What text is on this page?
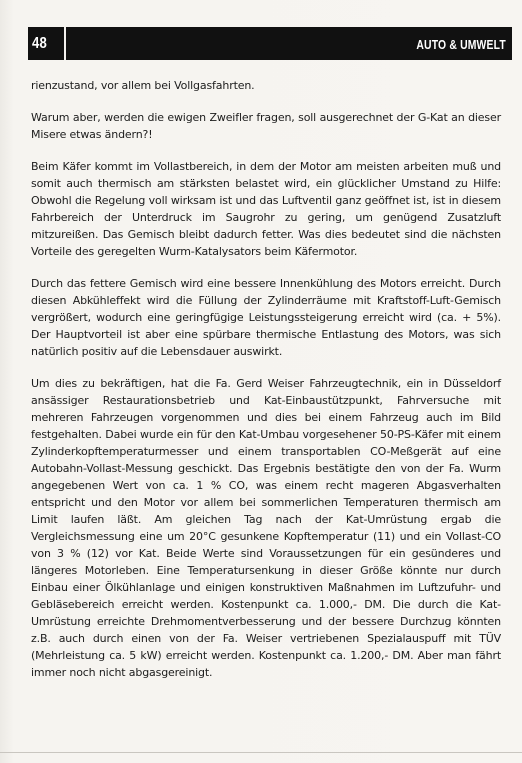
48	AUTO & UMWELT

rienzustand, vor allem bei Vollgasfahrten.

Warum aber, werden die ewigen Zweifler fragen, soll ausgerechnet der G-Kat an dieser Misere etwas ändern?!

Beim Käfer kommt im Vollastbereich, in dem der Motor am meisten arbeiten muß und somit auch thermisch am stärksten belastet wird, ein glücklicher Umstand zu Hilfe: Obwohl die Regelung voll wirksam ist und das Luftventil ganz geöffnet ist, ist in diesem Fahrbereich der Unterdruck im Saugrohr zu gering, um genügend Zusatzluft mitzureißen. Das Gemisch bleibt dadurch fetter. Was dies bedeutet sind die nächsten Vorteile des geregelten Wurm-Katalysators beim Käfermotor.

Durch das fettere Gemisch wird eine bessere Innenkühlung des Motors erreicht. Durch diesen Abkühleffekt wird die Füllung der Zylinderräume mit Kraftstoff-Luft-Gemisch vergrößert, wodurch eine geringfügige Leistungssteigerung erreicht wird (ca. + 5%). Der Hauptvorteil ist aber eine spürbare thermische Entlastung des Motors, was sich natürlich positiv auf die Lebensdauer auswirkt.

Um dies zu bekräftigen, hat die Fa. Gerd Weiser Fahrzeugtechnik, ein in Düsseldorf ansässiger Restaurationsbetrieb und Kat-Einbaustützpunkt, Fahrversuche mit mehreren Fahrzeugen vorgenommen und dies bei einem Fahrzeug auch im Bild festgehalten. Dabei wurde ein für den Kat-Umbau vorgesehener 50-PS-Käfer mit einem Zylinderkopftemperaturmesser und einem transportablen CO-Meßgerät auf eine Autobahn-Vollast-Messung geschickt. Das Ergebnis bestätigte den von der Fa. Wurm angegebenen Wert von ca. 1 % CO, was einem recht mageren Abgasverhalten entspricht und den Motor vor allem bei sommerlichen Temperaturen thermisch am Limit laufen läßt. Am gleichen Tag nach der Kat-Umrüstung ergab die Vergleichsmessung eine um 20°C gesunkene Kopftemperatur (11) und ein Vollast-CO von 3 % (12) vor Kat. Beide Werte sind Voraussetzungen für ein gesünderes und längeres Motorleben. Eine Temperatursenkung in dieser Größe könnte nur durch Einbau einer Ölkühlanlage und einigen konstruktiven Maßnahmen im Luftzufuhr- und Gebläsebereich erreicht werden. Kostenpunkt ca. 1.000,- DM. Die durch die Kat-Umrüstung erreichte Drehmomentverbesserung und der bessere Durchzug könnten z.B. auch durch einen von der Fa. Weiser vertriebenen Spezialauspuff mit TÜV (Mehrleistung ca. 5 kW) erreicht werden. Kostenpunkt ca. 1.200,- DM. Aber man fährt immer noch nicht abgasgereinigt.
